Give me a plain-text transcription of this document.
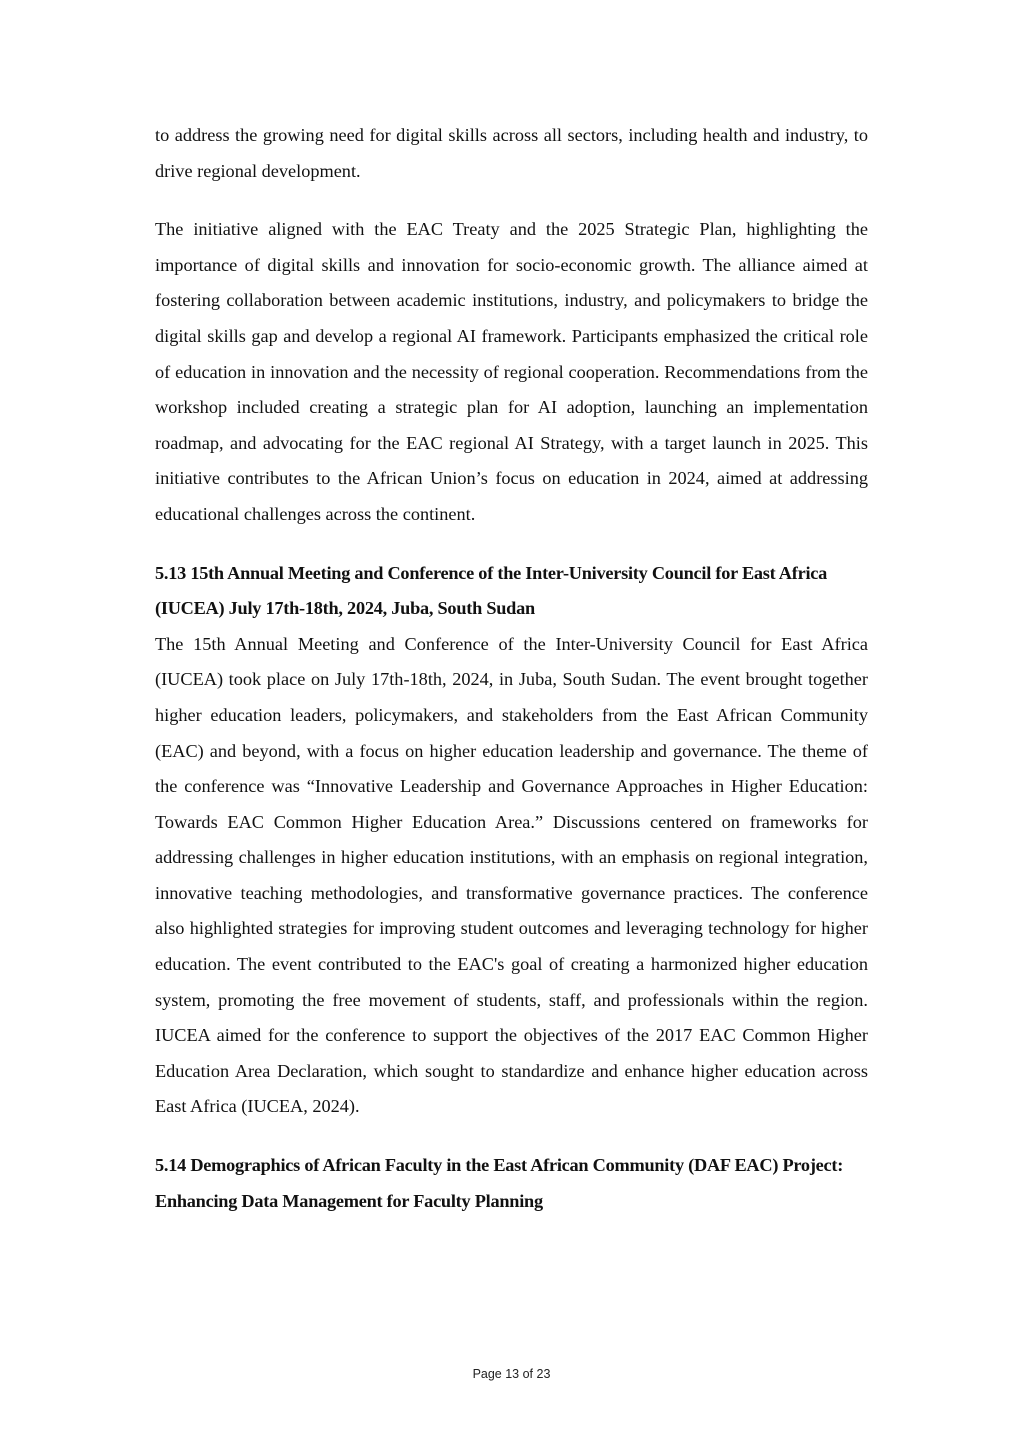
to address the growing need for digital skills across all sectors, including health and industry, to drive regional development.

The initiative aligned with the EAC Treaty and the 2025 Strategic Plan, highlighting the importance of digital skills and innovation for socio-economic growth. The alliance aimed at fostering collaboration between academic institutions, industry, and policymakers to bridge the digital skills gap and develop a regional AI framework. Participants emphasized the critical role of education in innovation and the necessity of regional cooperation. Recommendations from the workshop included creating a strategic plan for AI adoption, launching an implementation roadmap, and advocating for the EAC regional AI Strategy, with a target launch in 2025. This initiative contributes to the African Union’s focus on education in 2024, aimed at addressing educational challenges across the continent.

5.13 15th Annual Meeting and Conference of the Inter-University Council for East Africa (IUCEA) July 17th-18th, 2024, Juba, South Sudan

The 15th Annual Meeting and Conference of the Inter-University Council for East Africa (IUCEA) took place on July 17th-18th, 2024, in Juba, South Sudan. The event brought together higher education leaders, policymakers, and stakeholders from the East African Community (EAC) and beyond, with a focus on higher education leadership and governance. The theme of the conference was “Innovative Leadership and Governance Approaches in Higher Education: Towards EAC Common Higher Education Area.” Discussions centered on frameworks for addressing challenges in higher education institutions, with an emphasis on regional integration, innovative teaching methodologies, and transformative governance practices. The conference also highlighted strategies for improving student outcomes and leveraging technology for higher education. The event contributed to the EAC's goal of creating a harmonized higher education system, promoting the free movement of students, staff, and professionals within the region. IUCEA aimed for the conference to support the objectives of the 2017 EAC Common Higher Education Area Declaration, which sought to standardize and enhance higher education across East Africa (IUCEA, 2024).

5.14 Demographics of African Faculty in the East African Community (DAF EAC) Project: Enhancing Data Management for Faculty Planning
Page 13 of 23
